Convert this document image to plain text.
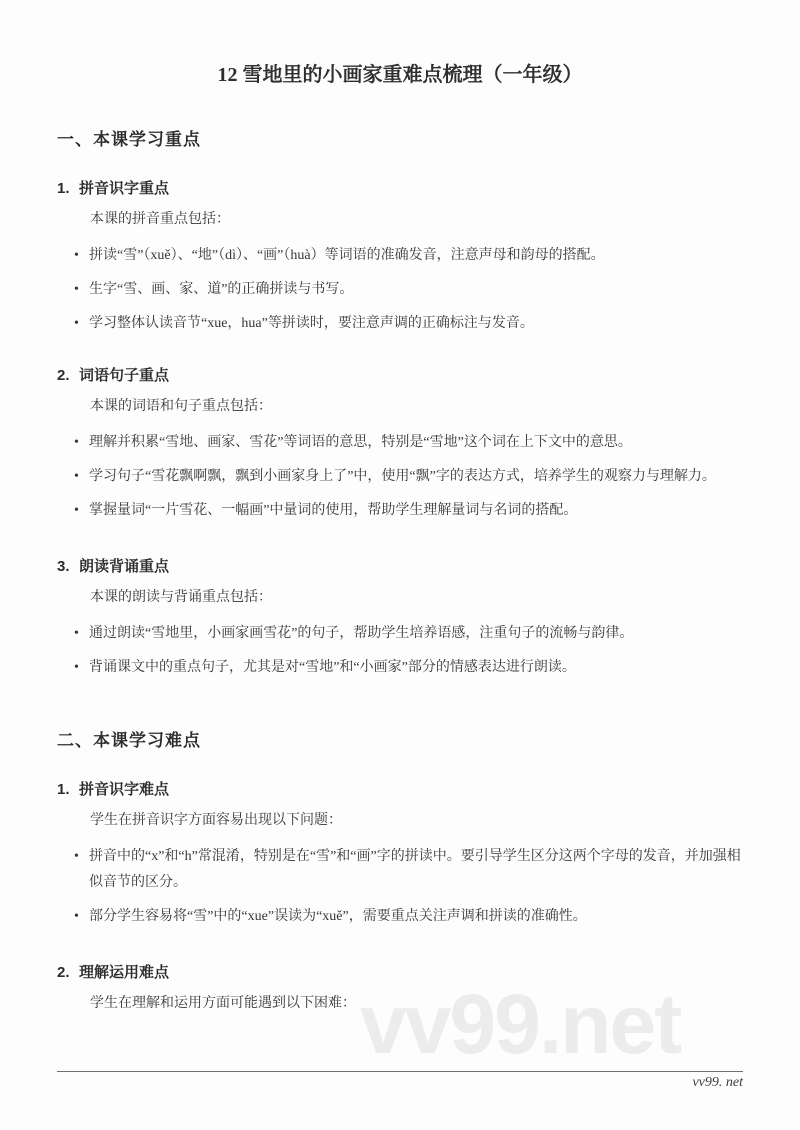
vv99.net
12 雪地里的小画家重难点梳理（一年级）
一、本课学习重点
1. 拼音识字重点
本课的拼音重点包括：
• 拼读“雪”（xuě）、“地”（dì）、“画”（huà）等词语的准确发音，注意声母和韵母的搭配。
• 生字“雪、画、家、道”的正确拼读与书写。
• 学习整体认读音节“xue，hua”等拼读时，要注意声调的正确标注与发音。
2. 词语句子重点
本课的词语和句子重点包括：
• 理解并积累“雪地、画家、雪花”等词语的意思，特别是“雪地”这个词在上下文中的意思。
• 学习句子“雪花飘啊飘，飘到小画家身上了”中，使用“飘”字的表达方式，培养学生的观察力与理解力。
• 掌握量词“一片雪花、一幅画”中量词的使用，帮助学生理解量词与名词的搭配。
3. 朗读背诵重点
本课的朗读与背诵重点包括：
• 通过朗读“雪地里，小画家画雪花”的句子，帮助学生培养语感，注重句子的流畅与韵律。
• 背诵课文中的重点句子，尤其是对“雪地”和“小画家”部分的情感表达进行朗读。
二、本课学习难点
1. 拼音识字难点
学生在拼音识字方面容易出现以下问题：
• 拼音中的“x”和“h”常混淆，特别是在“雪”和“画”字的拼读中。要引导学生区分这两个字母的发音，并加强相似音节的区分。
• 部分学生容易将“雪”中的“xue”误读为“xuě”，需要重点关注声调和拼读的准确性。
2. 理解运用难点
学生在理解和运用方面可能遇到以下困难：
vv99. net
